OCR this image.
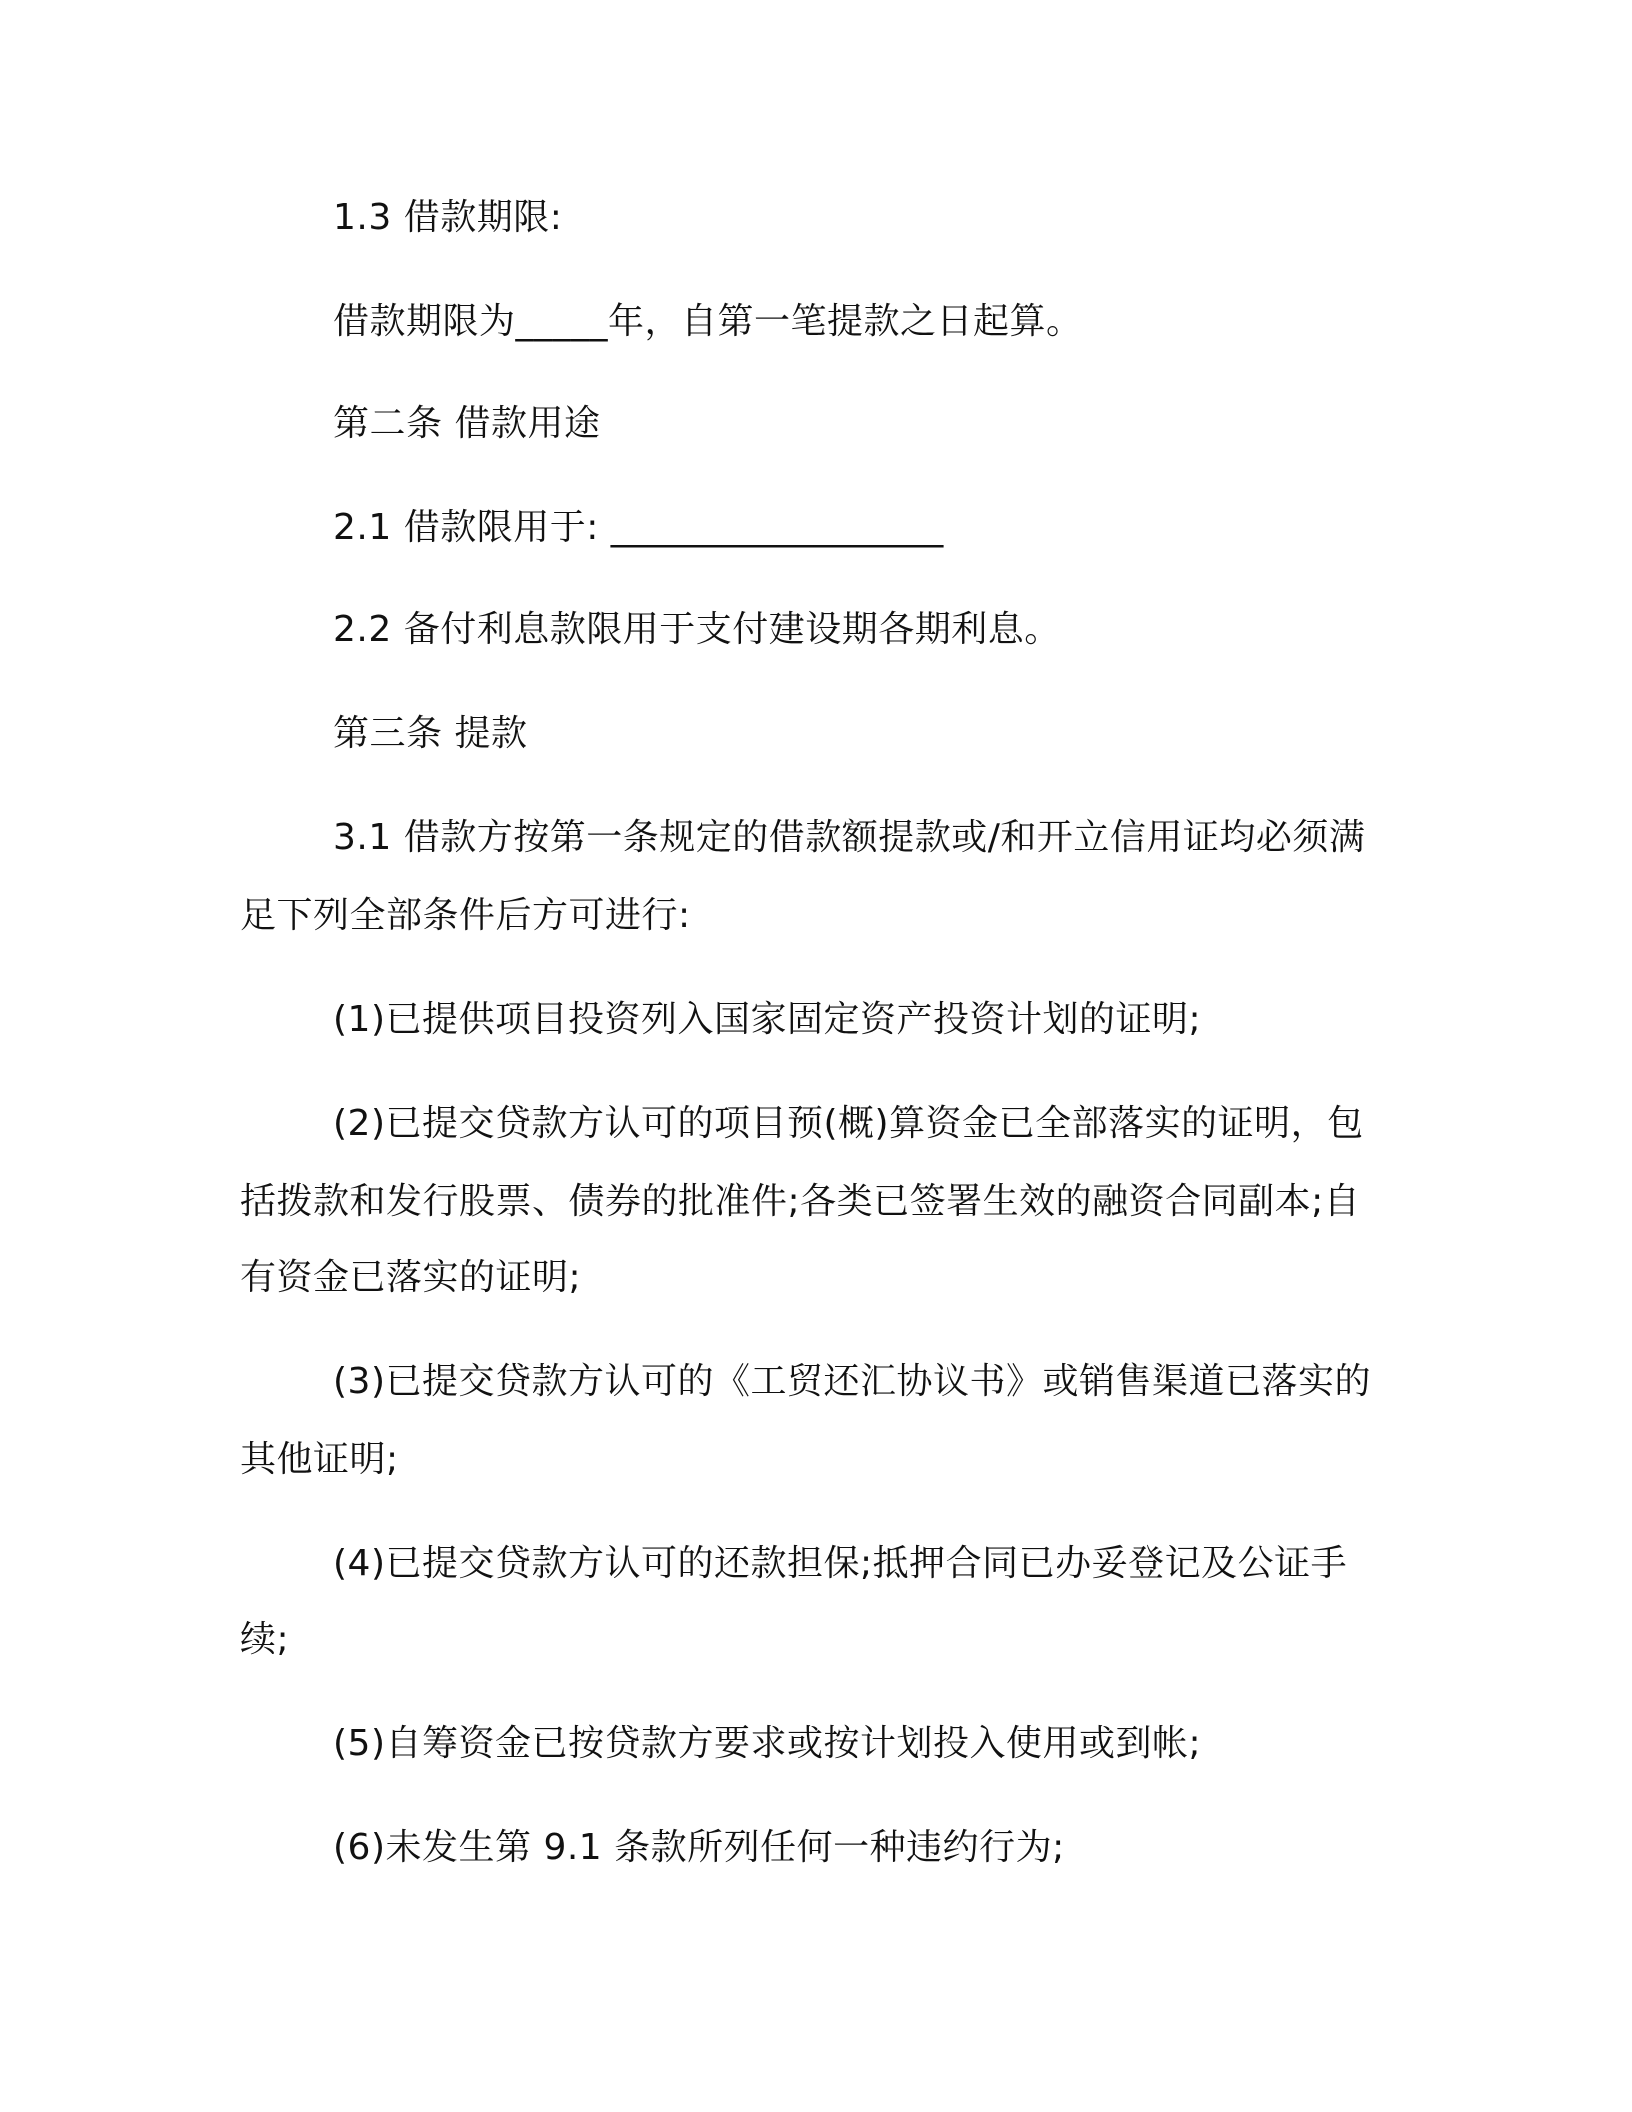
1.3 借款期限:
借款期限为_____年，自第一笔提款之日起算。
第二条 借款用途
2.1 借款限用于: __________________
2.2 备付利息款限用于支付建设期各期利息。
第三条 提款
3.1 借款方按第一条规定的借款额提款或/和开立信用证均必须满
足下列全部条件后方可进行:
(1)已提供项目投资列入国家固定资产投资计划的证明;
(2)已提交贷款方认可的项目预(概)算资金已全部落实的证明，包
括拨款和发行股票、债券的批准件;各类已签署生效的融资合同副本;自
有资金已落实的证明;
(3)已提交贷款方认可的《工贸还汇协议书》或销售渠道已落实的
其他证明;
(4)已提交贷款方认可的还款担保;抵押合同已办妥登记及公证手
续;
(5)自筹资金已按贷款方要求或按计划投入使用或到帐;
(6)未发生第 9.1 条款所列任何一种违约行为;
